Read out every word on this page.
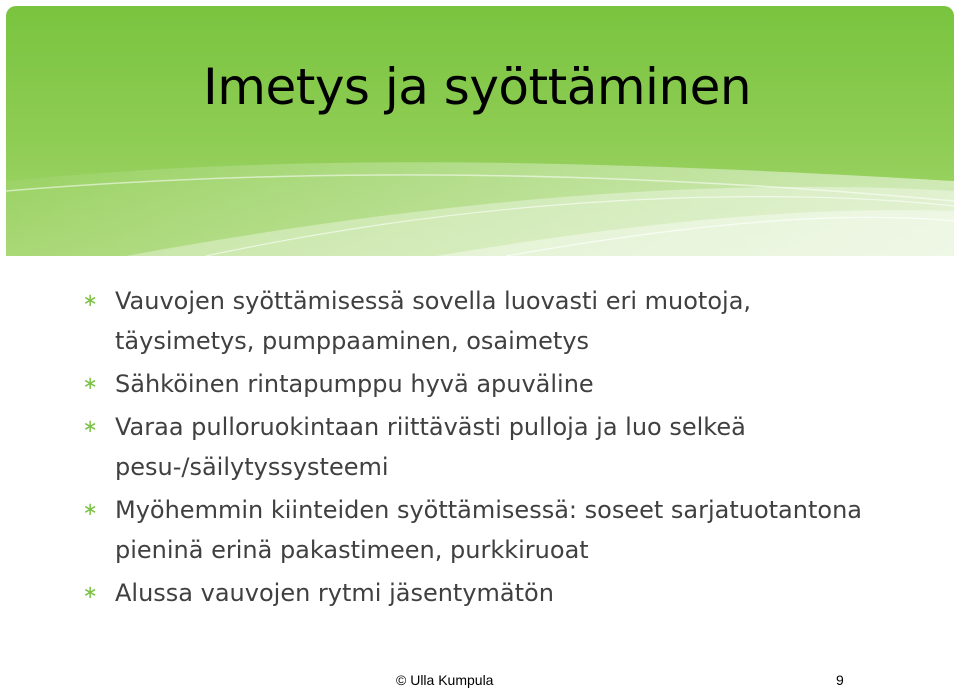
Imetys ja syöttäminen
∗ Vauvojen syöttämisessä sovella luovasti eri muotoja, täysimetys, pumppaaminen, osaimetys
∗ Sähköinen rintapumppu hyvä apuväline
∗ Varaa pulloruokintaan riittävästi pulloja ja luo selkeä pesu-/säilytyssysteemi
∗ Myöhemmin kiinteiden syöttämisessä: soseet sarjatuotantona pieninä erinä pakastimeen, purkkiruoat
∗ Alussa vauvojen rytmi jäsentymätön
© Ulla Kumpula	9
